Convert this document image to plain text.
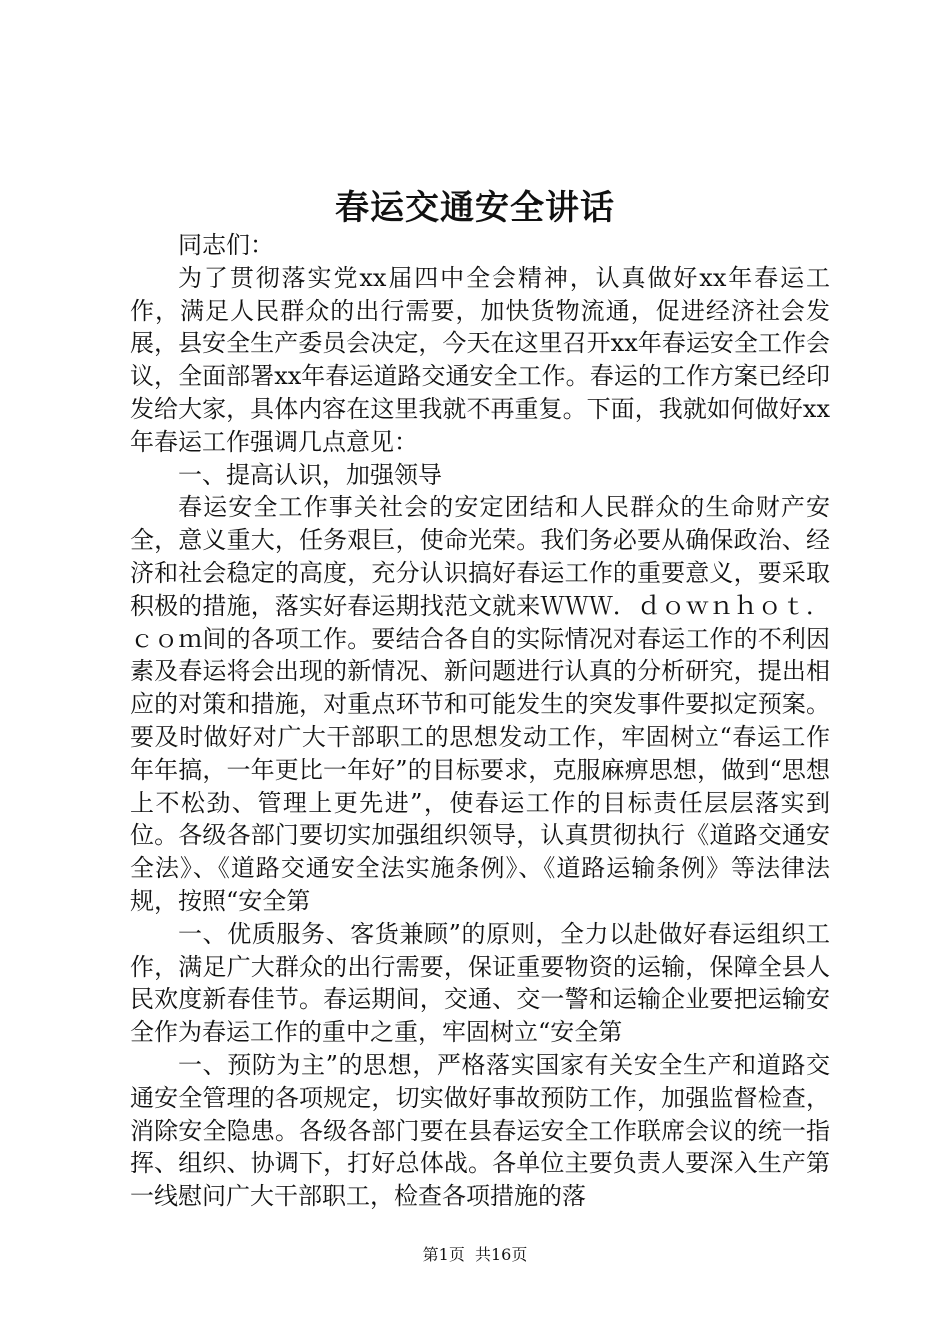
春运交通安全讲话

同志们：

为了贯彻落实党xx届四中全会精神，认真做好xx年春运工作，满足人民群众的出行需要，加快货物流通，促进经济社会发展，县安全生产委员会决定，今天在这里召开xx年春运安全工作会议，全面部署xx年春运道路交通安全工作。春运的工作方案已经印发给大家，具体内容在这里我就不再重复。下面，我就如何做好xx年春运工作强调几点意见：

一、提高认识，加强领导

春运安全工作事关社会的安定团结和人民群众的生命财产安全，意义重大，任务艰巨，使命光荣。我们务必要从确保政治、经济和社会稳定的高度，充分认识搞好春运工作的重要意义，要采取积极的措施，落实好春运期找范文就来ＷＷＷ．ｄｏｗｎｈｏｔ．ｃｏｍ间的各项工作。要结合各自的实际情况对春运工作的不利因素及春运将会出现的新情况、新问题进行认真的分析研究，提出相应的对策和措施，对重点环节和可能发生的突发事件要拟定预案。要及时做好对广大干部职工的思想发动工作，牢固树立“春运工作年年搞，一年更比一年好”的目标要求，克服麻痹思想，做到“思想上不松劲、管理上更先进”，使春运工作的目标责任层层落实到位。各级各部门要切实加强组织领导，认真贯彻执行《道路交通安全法》、《道路交通安全法实施条例》、《道路运输条例》等法律法规，按照“安全第

一、优质服务、客货兼顾”的原则，全力以赴做好春运组织工作，满足广大群众的出行需要，保证重要物资的运输，保障全县人民欢度新春佳节。春运期间，交通、交一警和运输企业要把运输安全作为春运工作的重中之重，牢固树立“安全第

一、预防为主”的思想，严格落实国家有关安全生产和道路交通安全管理的各项规定，切实做好事故预防工作，加强监督检查，消除安全隐患。各级各部门要在县春运安全工作联席会议的统一指挥、组织、协调下，打好总体战。各单位主要负责人要深入生产第一线慰问广大干部职工，检查各项措施的落

第1页  共16页
